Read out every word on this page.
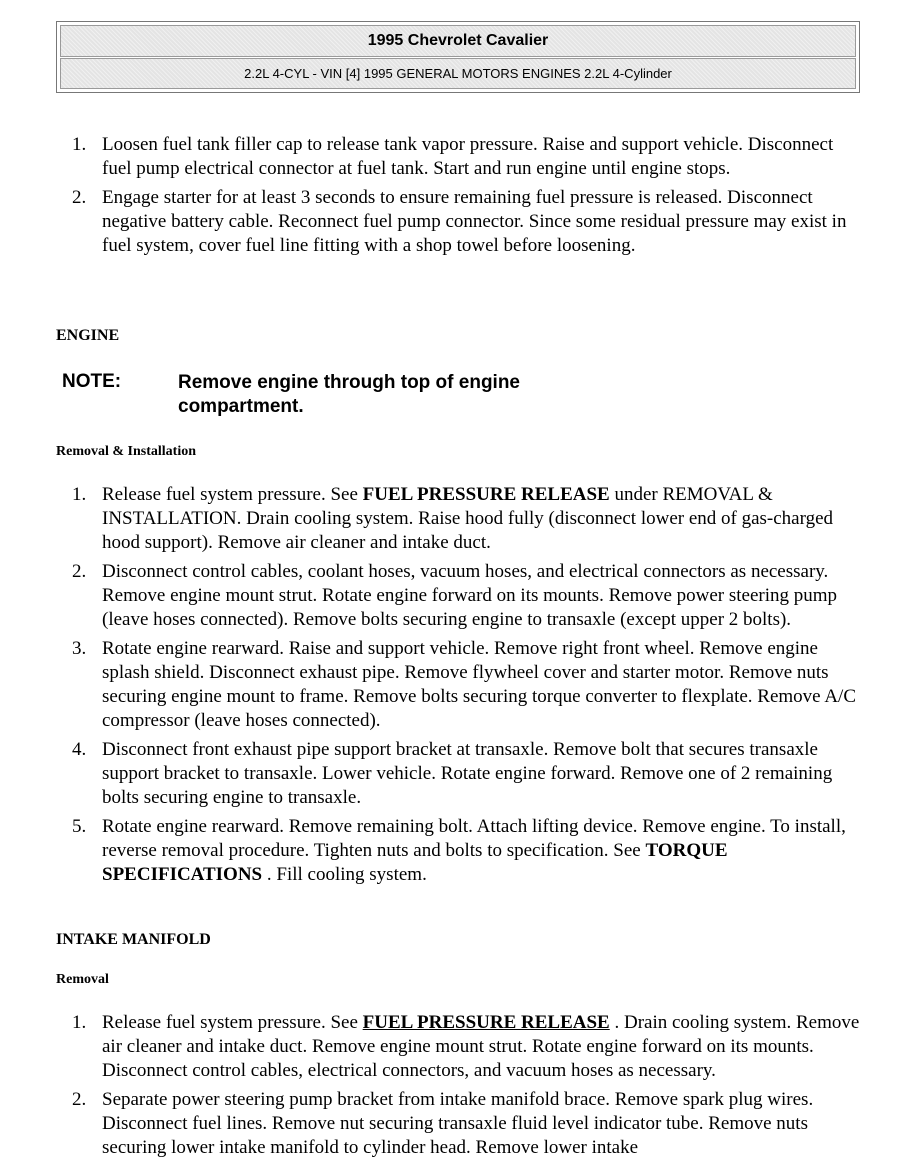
1995 Chevrolet Cavalier
2.2L 4-CYL - VIN [4] 1995 GENERAL MOTORS ENGINES 2.2L 4-Cylinder
1. Loosen fuel tank filler cap to release tank vapor pressure. Raise and support vehicle. Disconnect fuel pump electrical connector at fuel tank. Start and run engine until engine stops.
2. Engage starter for at least 3 seconds to ensure remaining fuel pressure is released. Disconnect negative battery cable. Reconnect fuel pump connector. Since some residual pressure may exist in fuel system, cover fuel line fitting with a shop towel before loosening.
ENGINE
NOTE:	Remove engine through top of engine compartment.
Removal & Installation
1. Release fuel system pressure. See FUEL PRESSURE RELEASE under REMOVAL & INSTALLATION. Drain cooling system. Raise hood fully (disconnect lower end of gas-charged hood support). Remove air cleaner and intake duct.
2. Disconnect control cables, coolant hoses, vacuum hoses, and electrical connectors as necessary. Remove engine mount strut. Rotate engine forward on its mounts. Remove power steering pump (leave hoses connected). Remove bolts securing engine to transaxle (except upper 2 bolts).
3. Rotate engine rearward. Raise and support vehicle. Remove right front wheel. Remove engine splash shield. Disconnect exhaust pipe. Remove flywheel cover and starter motor. Remove nuts securing engine mount to frame. Remove bolts securing torque converter to flexplate. Remove A/C compressor (leave hoses connected).
4. Disconnect front exhaust pipe support bracket at transaxle. Remove bolt that secures transaxle support bracket to transaxle. Lower vehicle. Rotate engine forward. Remove one of 2 remaining bolts securing engine to transaxle.
5. Rotate engine rearward. Remove remaining bolt. Attach lifting device. Remove engine. To install, reverse removal procedure. Tighten nuts and bolts to specification. See TORQUE SPECIFICATIONS . Fill cooling system.
INTAKE MANIFOLD
Removal
1. Release fuel system pressure. See FUEL PRESSURE RELEASE . Drain cooling system. Remove air cleaner and intake duct. Remove engine mount strut. Rotate engine forward on its mounts. Disconnect control cables, electrical connectors, and vacuum hoses as necessary.
2. Separate power steering pump bracket from intake manifold brace. Remove spark plug wires. Disconnect fuel lines. Remove nut securing transaxle fluid level indicator tube. Remove nuts securing lower intake manifold to cylinder head. Remove lower intake
